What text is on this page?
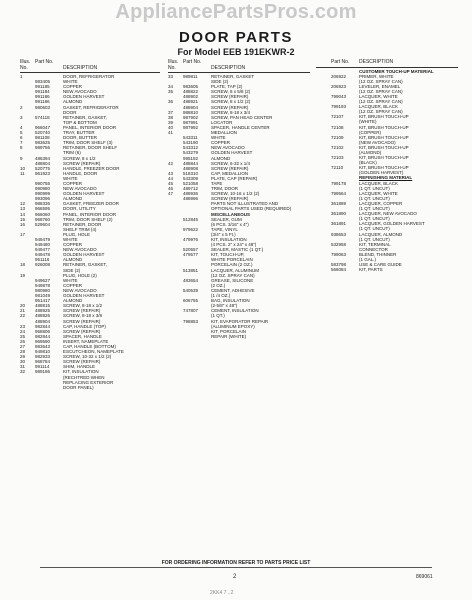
AppliancePartsPros.com
DOOR PARTS
For Model EEB 191EKWR-2
Illus. No.
Part No.
DESCRIPTION
1	DOOR, REFRIGERATOR
983405	WHITE
991185	COPPER
991184	NEW AVOCADO
991186	GOLDEN HARVEST
991186	ALMOND
2	980603	GASKET, REFRIGERATOR
DOOR
3	574118	RETAINER, GASKET,
TOP & BOTTOM
4	966047	PANEL, INTERIOR DOOR
5	520740	TRAY, BUTTER
6	981108	DOOR, BUTTER
7	983625	TRIM, DOOR SHELF (3)
8	989756	RETAINER, DOOR SHELF
TRIM (6)
9	486394	SCREW, 8 x 1/2
488804	SCREW (REPAIR)
10	520775	HANDLE, FREEZER DOOR
11	961923	HANDLE, DOOR
WHITE
990755	COPPER
990980	NEW AVOCADO
990999	GOLDEN HARVEST
993096	ALMOND
12	988336	GASKET, FREEZER DOOR
13	966595	DOOR, UTILITY
14	966060	PANEL, INTERIOR DOOR
15	968760	TRIM, DOOR SHELF (2)
16	529604	RETAINER, DOOR
SHELF TRIM (4)
17	PLUG, HOLE
949479	WHITE
949480	COPPER
949477	NEW AVOCADO
949478	GOLDEN HARVEST
951116	ALMOND
18	926008	RETAINER, GASKET,
SIDE (2)
19	PLUG, HOLE (2)
949627	WHITE
949878	COPPER
980980	NEW AVOCADO
981049	GOLDEN HARVEST
951417	ALMOND
20	488815	SCREW, 8-18 x 1/2
21	488925	SCREW (REPAIR)
22	488826	SCREW, 8-18 x 3/8
488904	SCREW (REPAIR)
23	982844	CAP, HANDLE (TOP)
24	958806	SCREW (REPAIR)
25	982844	SPACER, HANDLE
26	969590	INSERT, NAMEPLATE
27	983643	CAP, HANDLE (BOTTOM)
28	949810	ESCUTCHEON, NAMEPLATE
29	982933	SCREW, 10-32 x 1/2 (2)
30	968784	SCREW (REPAIR)
31	991114	SHIM, HANDLE
32	989186	KIT, INSULATION
(RECHTRED WHEN
REPLACING EXTERIOR
DOOR PANEL)
Illus. No.
Part No.
DESCRIPTION
33	989811	RETAINER, GASKET
SIDE (2)
34	983605	PLATE, TAP (2)
35	488822	SCREW, 8 x 5/8 (2)
488902	SCREW (REPAIR)
36	488921	SCREW, 8 x 1/2 (2)
488904	SCREW (REPAIR)
37	988810	SCREW, 8-18 x 3/4
38	987902	SCREW, PAN HEAD CENTER
39	987991	LOCATOR
40	987992	SPACER, HANDLE CENTER
41	MEDALLION
543311	WHITE
543190	COPPER
543312	NEW AVOCADO
543279	GOLDEN HARVEST
995192	ALMOND
42	488844	SCREW, 6-32 x 1/4
488908	SCREW (REPAIR)
43	518310	CAP, MEDALLION
44	543309	PLATE, CAP (REPAIR)
45	521058	TAPE
46	489712	TRIM, DOOR
47	488936	SCREW, 10-16 x 1/2 (2)
488996	SCREW (REPAIR)
PARTS NOT ILLUSTRATED AND
OPTIONAL PARTS USED (REQUIRED)
MISCELLANEOUS
512845	SEALER, GUM
(6 PCS. 3/16" x 4")
979622	TAPE, VINYL
(3/4" x 5 Ft.)
479976	KIT, INSULATION
(4 PCS. 2" x 24" x 48")
520557	SEALER, MASTIC (1 QT.)
479577	KIT, TOUCH-UP,
WHITE PORCELAIN
PORCELAIN (2 OZ.)
513861	LACQUER, ALUMINUM
(12 OZ. SPRAY CAN)
483654	GREASE, SILICONE
(2 OZ.)
540539	CEMENT, ADHESIVE
(1 /4 OZ.)
606755	BAG, INSULATION
(2-5/8" x 48")
747807	CEMENT, INSULATION
(1 QT.)
798853	KIT, EVAPORATOR REPAIR
(ALUMINUM EPOXY)
KIT, PORCELAIN
REPAIR (WHITE)
Part No.	DESCRIPTION
CUSTOMER TOUCH-UP MATERIAL
206922	PRIMER, WHITE
(12 OZ. SPRAY CAN)
206923	LEVELER, ENAMEL
(12 OZ. SPRAY CAN)
799043	LACQUER, WHITE
(12 OZ. SPRAY CAN)
799193	LACQUER, BLACK
(12 OZ. SPRAY CAN)
72107	KIT, BRUSH TOUCH-UP
(WHITE)
72108	KIT, BRUSH TOUCH-UP
(COPPER)
72109	KIT, BRUSH TOUCH-UP
(NEW AVOCADO)
72102	KIT, BRUSH TOUCH-UP
(ALMOND)
72103	KIT, BRUSH TOUCH-UP
(BLACK)
72110	KIT, BRUSH TOUCH-UP
(GOLDEN HARVEST)
REFINISHING MATERIAL
799178	LACQUER, BLACK
(1 QT. UNCUT)
799564	LACQUER, WHITE
(1 QT. UNCUT)
361889	LACQUER, COPPER
(1 QT. UNCUT)
361890	LACQUER, NEW AVOCADO
(1 QT. UNCUT)
361891	LACQUER, GOLDEN HARVEST
(1 QT. UNCUT)
938653	LACQUER, ALMOND
(1 QT. UNCUT)
532958	KIT, TERMINAL
CONNECTOR
799063	BLEND, THINNER
(1 GAL.)
583798	USE & CARE GUIDE
566084	KIT, PARTS
FOR ORDERING INFORMATION REFER TO PARTS PRICE LIST
2	869061
2KK4 7 ..2
